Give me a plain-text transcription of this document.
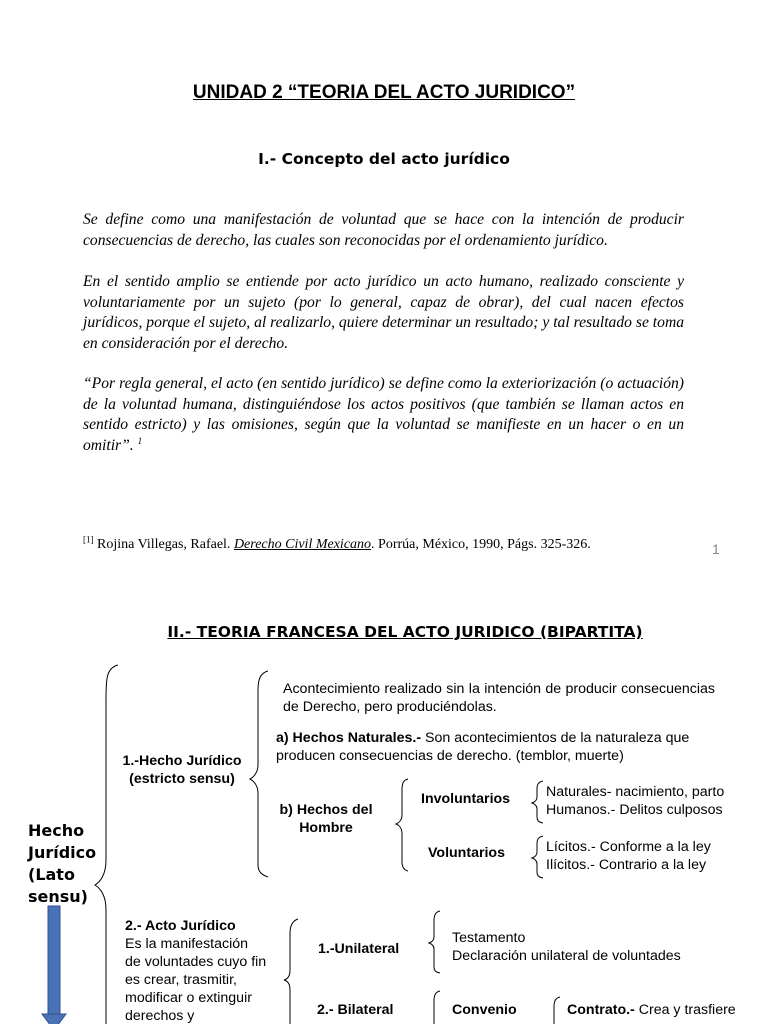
UNIDAD 2 “TEORIA DEL ACTO JURIDICO”
I.- Concepto del acto jurídico

Se define como una manifestación de voluntad que se hace con la intención de producir consecuencias de derecho, las cuales son reconocidas por el ordenamiento jurídico.

En el sentido amplio se entiende por acto jurídico un acto humano, realizado consciente y voluntariamente por un sujeto (por lo general, capaz de obrar), del cual nacen efectos jurídicos, porque el sujeto, al realizarlo, quiere determinar un resultado; y tal resultado se toma en consideración por el derecho.

“Por regla general, el acto (en sentido jurídico) se define como la exteriorización (o actuación) de la voluntad humana, distinguiéndose los actos positivos (que también se llaman actos en sentido estricto) y las omisiones, según que la voluntad se manifieste en un hacer o en un omitir”. $^1$

[1] Rojina Villegas, Rafael. Derecho Civil Mexicano. Porrúa, México, 1990, Págs. 325-326.	1
II.- TEORIA FRANCESA DEL ACTO JURIDICO (BIPARTITA)
Acontecimiento realizado sin la intención de producir consecuencias de Derecho, pero produciéndolas.
a) Hechos Naturales.- Son acontecimientos de la naturaleza que producen consecuencias de derecho. (temblor, muerte)
1.-Hecho Jurídico (estricto sensu)
b) Hechos del Hombre
Involuntarios
Voluntarios
Naturales- nacimiento, parto
Humanos.- Delitos culposos
Lícitos.- Conforme a la ley
Ilícitos.- Contrario a la ley
Hecho Jurídico (Lato sensu)
2.- Acto Jurídico
Es la manifestación de voluntades cuyo fin es crear, trasmitir, modificar o extinguir derechos y
1.-Unilateral
Testamento
Declaración unilateral de voluntades
2.- Bilateral	Convenio	Contrato.- Crea y trasfiere
